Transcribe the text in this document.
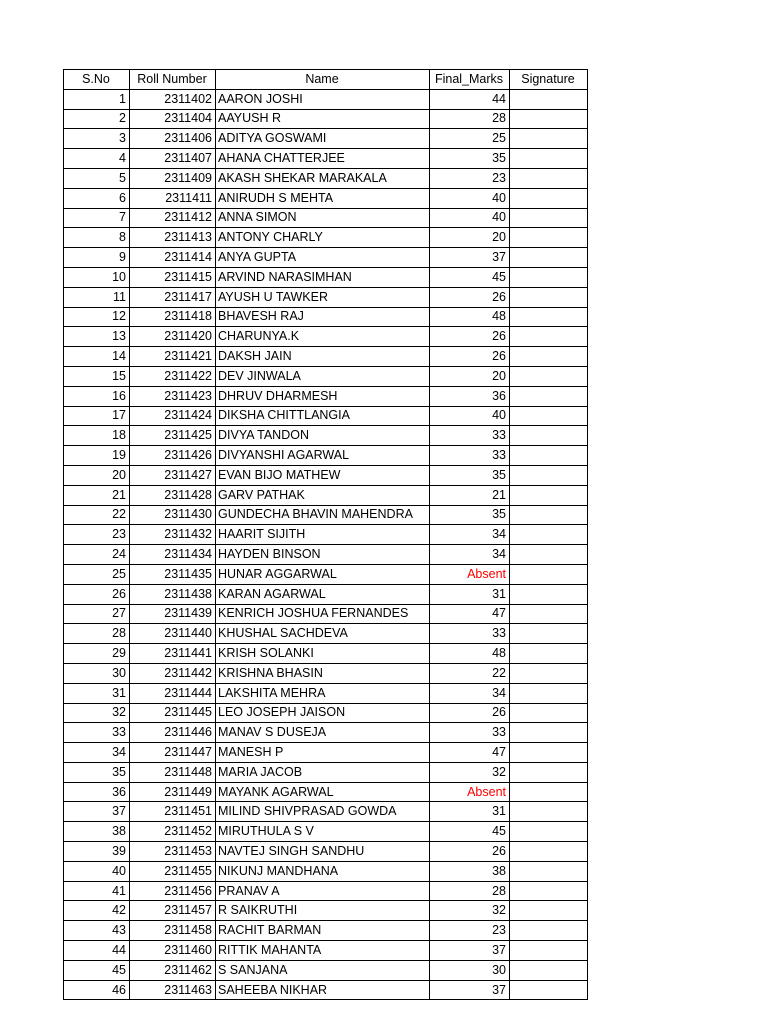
S.No	Roll Number	Name	Final_Marks	Signature
1	2311402	AARON JOSHI	44	
2	2311404	AAYUSH R	28	
3	2311406	ADITYA GOSWAMI	25	
4	2311407	AHANA CHATTERJEE	35	
5	2311409	AKASH SHEKAR MARAKALA	23	
6	2311411	ANIRUDH S MEHTA	40	
7	2311412	ANNA SIMON	40	
8	2311413	ANTONY CHARLY	20	
9	2311414	ANYA GUPTA	37	
10	2311415	ARVIND NARASIMHAN	45	
11	2311417	AYUSH U TAWKER	26	
12	2311418	BHAVESH RAJ	48	
13	2311420	CHARUNYA.K	26	
14	2311421	DAKSH JAIN	26	
15	2311422	DEV JINWALA	20	
16	2311423	DHRUV DHARMESH	36	
17	2311424	DIKSHA CHITTLANGIA	40	
18	2311425	DIVYA TANDON	33	
19	2311426	DIVYANSHI AGARWAL	33	
20	2311427	EVAN BIJO MATHEW	35	
21	2311428	GARV PATHAK	21	
22	2311430	GUNDECHA BHAVIN MAHENDRA	35	
23	2311432	HAARIT SIJITH	34	
24	2311434	HAYDEN BINSON	34	
25	2311435	HUNAR AGGARWAL	Absent	
26	2311438	KARAN AGARWAL	31	
27	2311439	KENRICH JOSHUA FERNANDES	47	
28	2311440	KHUSHAL SACHDEVA	33	
29	2311441	KRISH SOLANKI	48	
30	2311442	KRISHNA BHASIN	22	
31	2311444	LAKSHITA MEHRA	34	
32	2311445	LEO JOSEPH JAISON	26	
33	2311446	MANAV S DUSEJA	33	
34	2311447	MANESH P	47	
35	2311448	MARIA JACOB	32	
36	2311449	MAYANK AGARWAL	Absent	
37	2311451	MILIND SHIVPRASAD GOWDA	31	
38	2311452	MIRUTHULA S V	45	
39	2311453	NAVTEJ SINGH SANDHU	26	
40	2311455	NIKUNJ MANDHANA	38	
41	2311456	PRANAV A	28	
42	2311457	R SAIKRUTHI	32	
43	2311458	RACHIT BARMAN	23	
44	2311460	RITTIK MAHANTA	37	
45	2311462	S SANJANA	30	
46	2311463	SAHEEBA NIKHAR	37	
